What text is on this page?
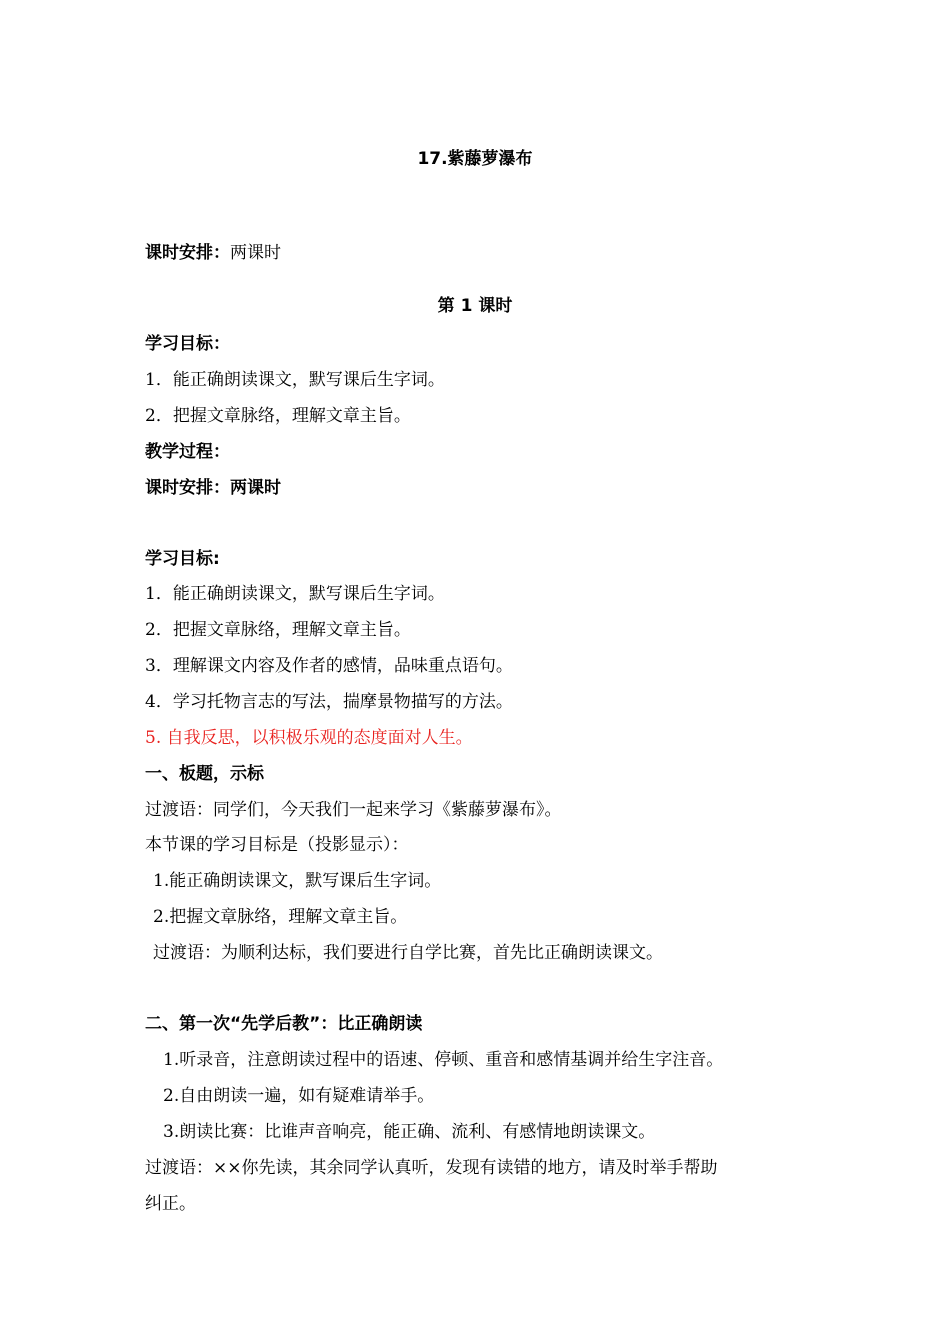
17.紫藤萝瀑布
课时安排：两课时
第 1 课时
学习目标：
1．能正确朗读课文，默写课后生字词。
2．把握文章脉络，理解文章主旨。
教学过程：
课时安排：两课时
学习目标:
1．能正确朗读课文，默写课后生字词。
2．把握文章脉络，理解文章主旨。
3．理解课文内容及作者的感情，品味重点语句。
4．学习托物言志的写法，揣摩景物描写的方法。
5. 自我反思，以积极乐观的态度面对人生。
一、板题，示标
过渡语：同学们，今天我们一起来学习《紫藤萝瀑布》。
本节课的学习目标是（投影显示）：
1.能正确朗读课文，默写课后生字词。
2.把握文章脉络，理解文章主旨。
过渡语：为顺利达标，我们要进行自学比赛，首先比正确朗读课文。
二、第一次“先学后教”：比正确朗读
1.听录音，注意朗读过程中的语速、停顿、重音和感情基调并给生字注音。
2.自由朗读一遍，如有疑难请举手。
3.朗读比赛：比谁声音响亮，能正确、流利、有感情地朗读课文。
过渡语：××你先读，其余同学认真听，发现有读错的地方，请及时举手帮助
纠正。
